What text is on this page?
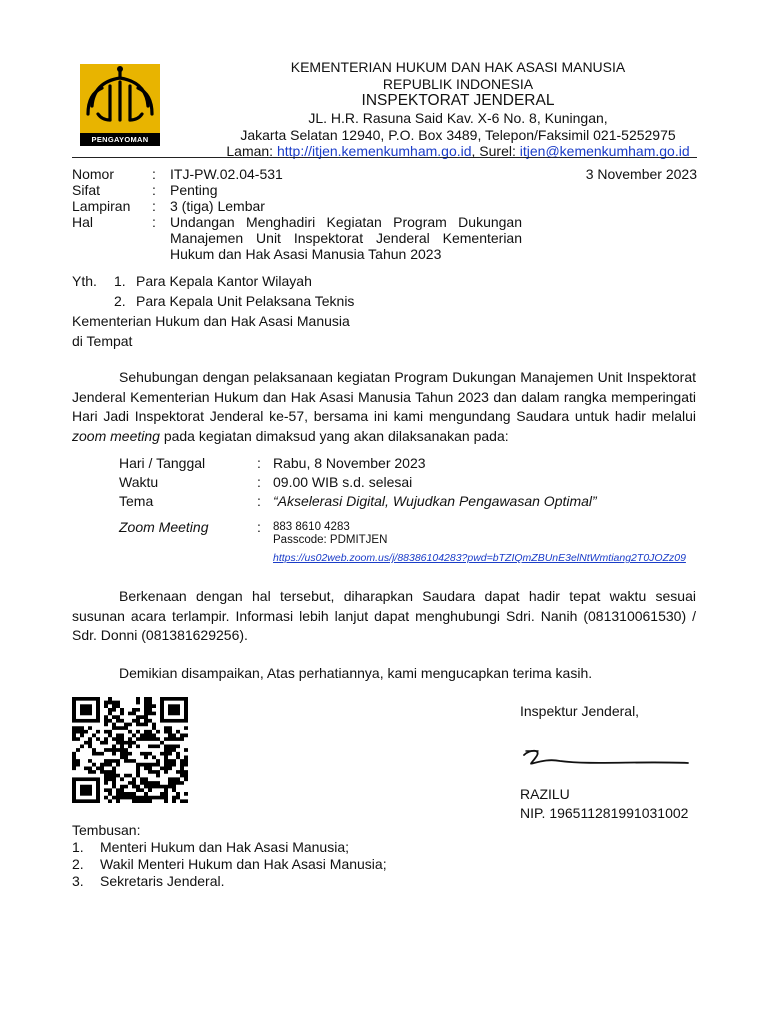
PENGAYOMAN
KEMENTERIAN HUKUM DAN HAK ASASI MANUSIA
REPUBLIK INDONESIA
INSPEKTORAT JENDERAL
JL. H.R. Rasuna Said Kav. X-6 No. 8, Kuningan,
Jakarta Selatan 12940, P.O. Box 3489, Telepon/Faksimil 021-5252975
Laman: http://itjen.kemenkumham.go.id, Surel: itjen@kemenkumham.go.id
Nomor	:	ITJ-PW.02.04-531
Sifat	:	Penting
Lampiran	:	3 (tiga) Lembar
Hal	:	Undangan Menghadiri Kegiatan Program Dukungan Manajemen Unit Inspektorat Jenderal Kementerian Hukum dan Hak Asasi Manusia Tahun 2023
3 November 2023
Yth.	1. Para Kepala Kantor Wilayah
2. Para Kepala Unit Pelaksana Teknis
Kementerian Hukum dan Hak Asasi Manusia
di Tempat

Sehubungan dengan pelaksanaan kegiatan Program Dukungan Manajemen Unit Inspektorat Jenderal Kementerian Hukum dan Hak Asasi Manusia Tahun 2023 dan dalam rangka memperingati Hari Jadi Inspektorat Jenderal ke-57, bersama ini kami mengundang Saudara untuk hadir melalui zoom meeting pada kegiatan dimaksud yang akan dilaksanakan pada:

Hari / Tanggal	: Rabu, 8 November 2023
Waktu	: 09.00 WIB s.d. selesai
Tema	: “Akselerasi Digital, Wujudkan Pengawasan Optimal”
Zoom Meeting	:	883 8610 4283
Passcode: PDMITJEN
https://us02web.zoom.us/j/88386104283?pwd=bTZIQmZBUnE3elNtWmtiang2T0JOZz09

Berkenaan dengan hal tersebut, diharapkan Saudara dapat hadir tepat waktu sesuai susunan acara terlampir. Informasi lebih lanjut dapat menghubungi Sdri. Nanih (081310061530) / Sdr. Donni (081381629256).

Demikian disampaikan, Atas perhatiannya, kami mengucapkan terima kasih.

Inspektur Jenderal,
RAZILU
NIP. 196511281991031002
Tembusan:
1.	Menteri Hukum dan Hak Asasi Manusia;
2.	Wakil Menteri Hukum dan Hak Asasi Manusia;
3.	Sekretaris Jenderal.
